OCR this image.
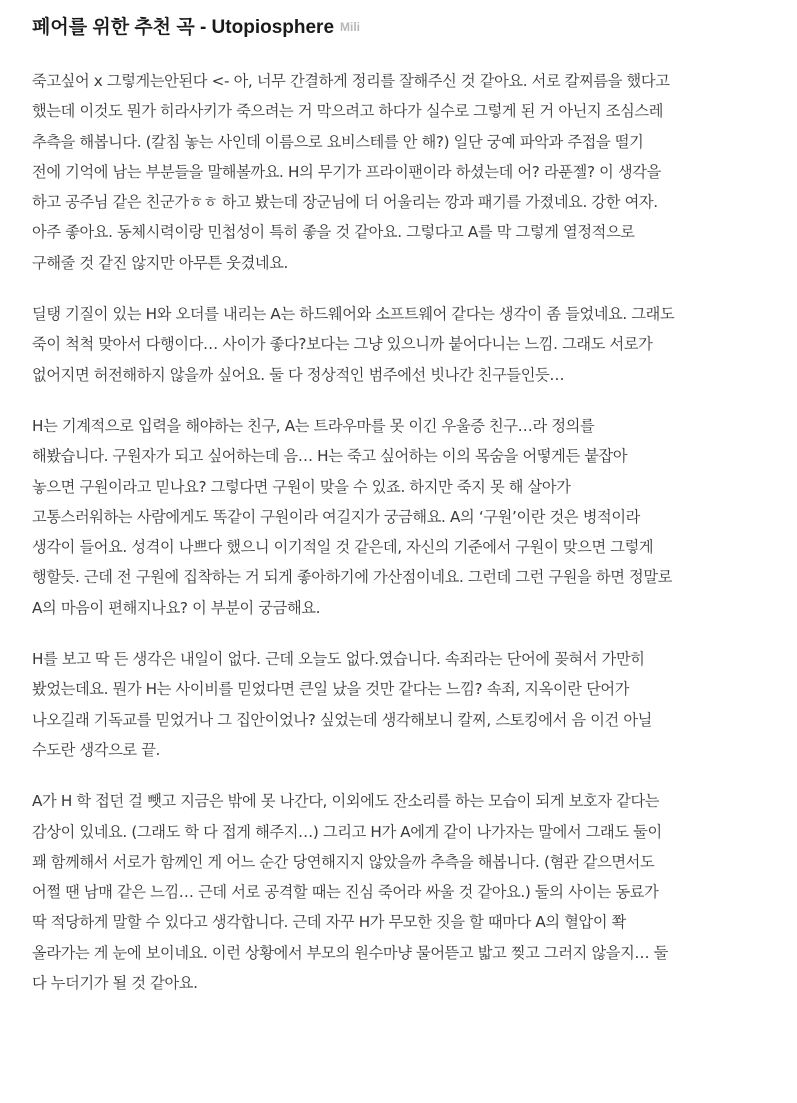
페어를 위한 추천 곡 - Utopiosphere Mili

죽고싶어 x 그렇게는안된다 <- 아, 너무 간결하게 정리를 잘해주신 것 같아요. 서로 칼찌름을 했다고
했는데 이것도 뭔가 히라사키가 죽으려는 거 막으려고 하다가 실수로 그렇게 된 거 아닌지 조심스레
추측을 해봅니다. (칼침 놓는 사인데 이름으로 요비스테를 안 해?) 일단 궁예 파악과 주접을 떨기
전에 기억에 남는 부분들을 말해볼까요. H의 무기가 프라이팬이라 하셨는데 어? 라푼젤? 이 생각을
하고 공주님 같은 친군가ㅎㅎ 하고 봤는데 장군님에 더 어울리는 깡과 패기를 가졌네요. 강한 여자.
아주 좋아요. 동체시력이랑 민첩성이 특히 좋을 것 같아요. 그렇다고 A를 막 그렇게 열정적으로
구해줄 것 같진 않지만 아무튼 웃겼네요.

딜탱 기질이 있는 H와 오더를 내리는 A는 하드웨어와 소프트웨어 같다는 생각이 좀 들었네요. 그래도
죽이 척척 맞아서 다행이다… 사이가 좋다?보다는 그냥 있으니까 붙어다니는 느낌. 그래도 서로가
없어지면 허전해하지 않을까 싶어요. 둘 다 정상적인 범주에선 빗나간 친구들인듯…

H는 기계적으로 입력을 해야하는 친구, A는 트라우마를 못 이긴 우울증 친구…라 정의를
해봤습니다. 구원자가 되고 싶어하는데 음… H는 죽고 싶어하는 이의 목숨을 어떻게든 붙잡아
놓으면 구원이라고 믿나요? 그렇다면 구원이 맞을 수 있죠. 하지만 죽지 못 해 살아가
고통스러워하는 사람에게도 똑같이 구원이라 여길지가 궁금해요. A의 ‘구원’이란 것은 병적이라
생각이 들어요. 성격이 나쁘다 했으니 이기적일 것 같은데, 자신의 기준에서 구원이 맞으면 그렇게
행할듯. 근데 전 구원에 집착하는 거 되게 좋아하기에 가산점이네요. 그런데 그런 구원을 하면 정말로
A의 마음이 편해지나요? 이 부분이 궁금해요.

H를 보고 딱 든 생각은 내일이 없다. 근데 오늘도 없다.였습니다. 속죄라는 단어에 꽂혀서 가만히
봤었는데요. 뭔가 H는 사이비를 믿었다면 큰일 났을 것만 같다는 느낌? 속죄, 지옥이란 단어가
나오길래 기독교를 믿었거나 그 집안이었나? 싶었는데 생각해보니 칼찌, 스토킹에서 음 이건 아닐
수도란 생각으로 끝.

A가 H 학 접던 걸 뺏고 지금은 밖에 못 나간다, 이외에도 잔소리를 하는 모습이 되게 보호자 같다는
감상이 있네요. (그래도 학 다 접게 해주지…) 그리고 H가 A에게 같이 나가자는 말에서 그래도 둘이
꽤 함께해서 서로가 함께인 게 어느 순간 당연해지지 않았을까 추측을 해봅니다. (혐관 같으면서도
어쩔 땐 남매 같은 느낌… 근데 서로 공격할 때는 진심 죽어라 싸울 것 같아요.) 둘의 사이는 동료가
딱 적당하게 말할 수 있다고 생각합니다. 근데 자꾸 H가 무모한 짓을 할 때마다 A의 혈압이 쫙
올라가는 게 눈에 보이네요. 이런 상황에서 부모의 원수마냥 물어뜯고 밟고 찢고 그러지 않을지… 둘
다 누더기가 될 것 같아요.
